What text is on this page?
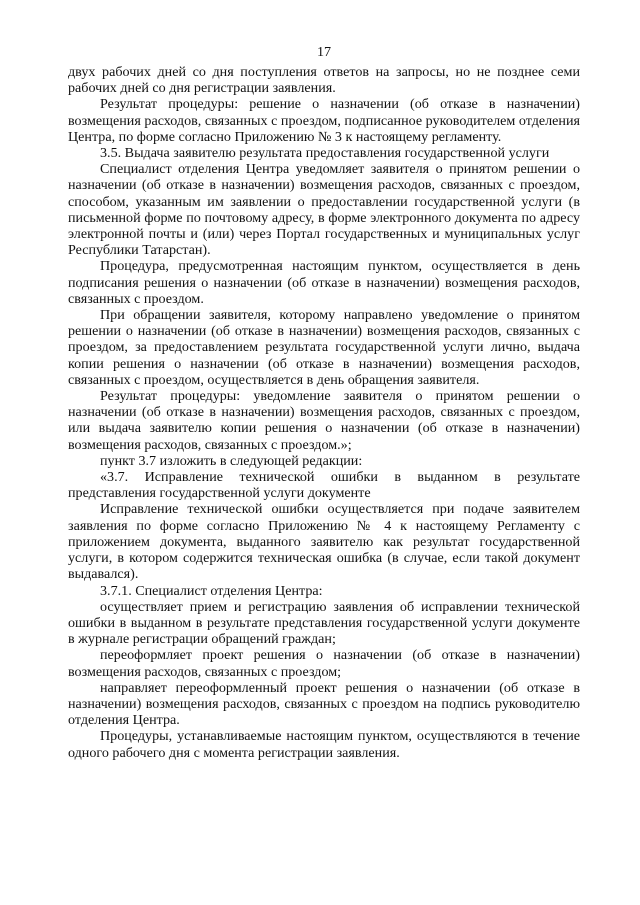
17

двух рабочих дней со дня поступления ответов на запросы, но не позднее семи рабочих дней со дня регистрации заявления.

Результат процедуры: решение о назначении (об отказе в назначении) возмещения расходов, связанных с проездом, подписанное руководителем отделения Центра, по форме согласно Приложению № 3 к настоящему регламенту.

3.5. Выдача заявителю результата предоставления государственной услуги

Специалист отделения Центра уведомляет заявителя о принятом решении о назначении (об отказе в назначении) возмещения расходов, связанных с проездом, способом, указанным им заявлении о предоставлении государственной услуги (в письменной форме по почтовому адресу, в форме электронного документа по адресу электронной почты и (или) через Портал государственных и муниципальных услуг Республики Татарстан).

Процедура, предусмотренная настоящим пунктом, осуществляется в день подписания решения о назначении (об отказе в назначении) возмещения расходов, связанных с проездом.

При обращении заявителя, которому направлено уведомление о принятом решении о назначении (об отказе в назначении) возмещения расходов, связанных с проездом, за предоставлением результата государственной услуги лично, выдача копии решения о назначении (об отказе в назначении) возмещения расходов, связанных с проездом, осуществляется в день обращения заявителя.

Результат процедуры: уведомление заявителя о принятом решении о назначении (об отказе в назначении) возмещения расходов, связанных с проездом, или выдача заявителю копии решения о назначении (об отказе в назначении) возмещения расходов, связанных с проездом.»;

пункт 3.7 изложить в следующей редакции:

«3.7. Исправление технической ошибки в выданном в результате представления государственной услуги документе

Исправление технической ошибки осуществляется при подаче заявителем заявления по форме согласно Приложению № 4 к настоящему Регламенту с приложением документа, выданного заявителю как результат государственной услуги, в котором содержится техническая ошибка (в случае, если такой документ выдавался).

3.7.1. Специалист отделения Центра:

осуществляет прием и регистрацию заявления об исправлении технической ошибки в выданном в результате представления государственной услуги документе в журнале регистрации обращений граждан;

переоформляет проект решения о назначении (об отказе в назначении) возмещения расходов, связанных с проездом;

направляет переоформленный проект решения о назначении (об отказе в назначении) возмещения расходов, связанных с проездом на подпись руководителю отделения Центра.

Процедуры, устанавливаемые настоящим пунктом, осуществляются в течение одного рабочего дня с момента регистрации заявления.
